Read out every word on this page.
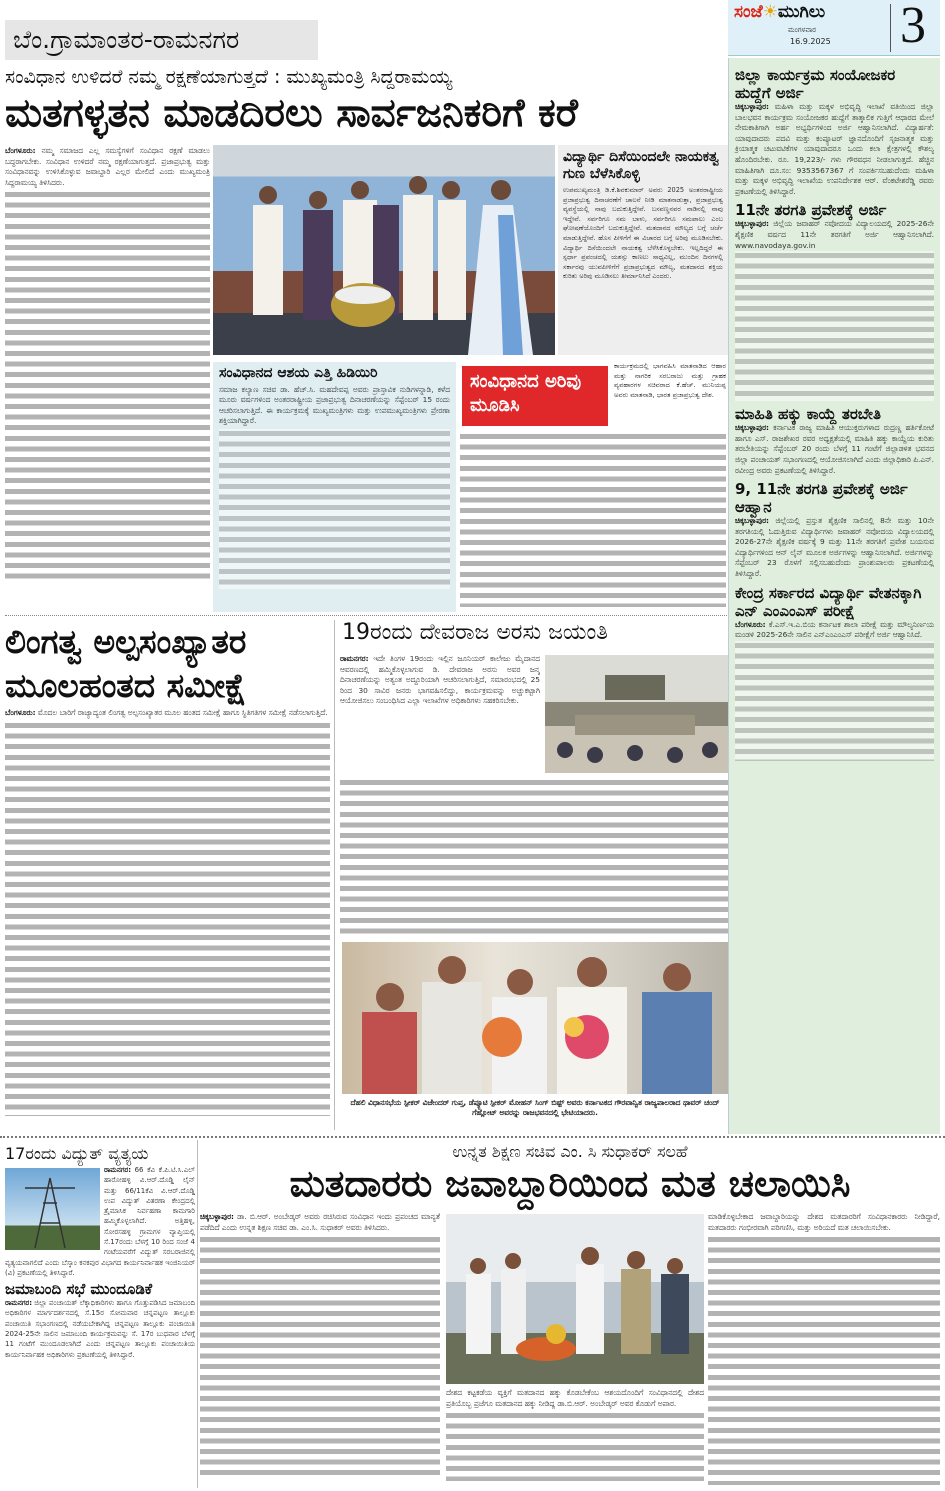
ಬೆಂ.ಗ್ರಾಮಾಂತರ-ರಾಮನಗರ
ಸಂಜೆ☀ಮುಗಿಲು
ಮಂಗಳವಾರ
16.9.2025 3
ಸಂವಿಧಾನ ಉಳಿದರೆ ನಮ್ಮ ರಕ್ಷಣೆಯಾಗುತ್ತದೆ : ಮುಖ್ಯಮಂತ್ರಿ ಸಿದ್ದರಾಮಯ್ಯ
ಮತಗಳ್ಳತನ ಮಾಡದಿರಲು ಸಾರ್ವಜನಿಕರಿಗೆ ಕರೆ
ಬೆಂಗಳೂರು: ನಮ್ಮ ಸಮಾಜದ ಎಲ್ಲ ಸಮಸ್ಯೆಗಳಿಗೆ ಸಂವಿಧಾನ ರಕ್ಷಣೆ ಮಾಡಲು ಬದ್ಧರಾಗಬೇಕು. ಸಂವಿಧಾನ ಉಳಿದರೆ ನಮ್ಮ ರಕ್ಷಣೆಯಾಗುತ್ತದೆ. ಪ್ರಜಾಪ್ರಭುತ್ವ ಮತ್ತು ಸಂವಿಧಾನವನ್ನು ಉಳಿಸಿಕೊಳ್ಳುವ ಜವಾಬ್ದಾರಿ ಎಲ್ಲರ ಮೇಲಿದೆ ಎಂದು ಮುಖ್ಯಮಂತ್ರಿ ಸಿದ್ದರಾಮಯ್ಯ ತಿಳಿಸಿದರು.
ವಿದ್ಯಾರ್ಥಿ ದಿಸೆಯಿಂದಲೇ ನಾಯಕತ್ವ ಗುಣ ಬೆಳೆಸಿಕೊಳ್ಳಿ
ಉಪಮುಖ್ಯಮಂತ್ರಿ ಡಿ.ಕೆ.ಶಿವಕುಮಾರ್ ಅವರು 2025 ಅಂತರರಾಷ್ಟ್ರೀಯ ಪ್ರಜಾಪ್ರಭುತ್ವ ದಿನಾಚರಣೆಗೆ ಚಾಲನೆ ನೀಡಿ ಮಾತನಾಡುತ್ತಾ, ಪ್ರಜಾಪ್ರಭುತ್ವ ವ್ಯವಸ್ಥೆಯಲ್ಲಿ ನಾವು ಬದುಕುತ್ತಿದ್ದೇವೆ. ಬಸವಣ್ಣನವರ ನಾಡಿನಲ್ಲಿ ನಾವು ಇದ್ದೇವೆ. ಸರ್ವರಿಗೂ ಸಮ ಬಾಳು, ಸರ್ವರಿಗೂ ಸಮಪಾಲು ಎಂಬ ಘೋಷಣೆಯೊಂದಿಗೆ ಬದುಕುತ್ತಿದ್ದೇವೆ. ಮತದಾನದ ಮೌಲ್ಯದ ಬಗ್ಗೆ ಚರ್ಚೆ ಮಾಡುತ್ತಿದ್ದೇವೆ. ಹೊಸ ಪೀಳಿಗೆಗೆ ಈ ವಿಚಾರದ ಬಗ್ಗೆ ಅರಿವು ಮೂಡಿಸಬೇಕು. ವಿದ್ಯಾರ್ಥಿ ದಿಸೆಯಿಂದಲೇ ನಾಯಕತ್ವ ಬೆಳೆಸಿಕೊಳ್ಳಬೇಕು. ಇಲ್ಲದಿದ್ದರೆ ಈ ಸ್ಪರ್ಧಾ ಪ್ರಪಂಚದಲ್ಲಿ ಯಶಸ್ಸು ಕಾಣಲು ಸಾಧ್ಯವಿಲ್ಲ, ಮುಂದಿನ ದಿನಗಳಲ್ಲಿ ಸರ್ಕಾರವು ಯುವಪೀಳಿಗೆಗೆ ಪ್ರಜಾಪ್ರಭುತ್ವದ ಮೌಲ್ಯ, ಮತದಾನದ ಶಕ್ತಿಯ ಕುರಿತು ಅರಿವು ಮೂಡಿಸಲು ತೀರ್ಮಾನಿಸಿದೆ ಎಂದರು.
ಸಂವಿಧಾನದ ಆಶಯ ಎತ್ತಿ ಹಿಡಿಯಿರಿ
ಸಮಾಜ ಕಲ್ಯಾಣ ಸಚಿವ ಡಾ. ಹೆಚ್.ಸಿ. ಮಹದೇವಪ್ಪ ಅವರು ಪ್ರಾಸ್ತಾವಿಕ ನುಡಿಗಳನ್ನಾಡಿ, ಕಳೆದ ಮೂರು ವರ್ಷಗಳಿಂದ ಅಂತರರಾಷ್ಟ್ರೀಯ ಪ್ರಜಾಪ್ರಭುತ್ವ ದಿನಾಚರಣೆಯನ್ನು ಸೆಪ್ಟೆಂಬರ್ 15 ರಂದು ಆಚರಿಸಲಾಗುತ್ತಿದೆ. ಈ ಕಾರ್ಯಕ್ರಮಕ್ಕೆ ಮುಖ್ಯಮಂತ್ರಿಗಳು ಮತ್ತು ಉಪಮುಖ್ಯಮಂತ್ರಿಗಳು ಪ್ರೇರಣಾ ಶಕ್ತಿಯಾಗಿದ್ದಾರೆ.
ಸಂವಿಧಾನದ ಅರಿವು ಮೂಡಿಸಿ
ಕಾರ್ಯಕ್ರಮದಲ್ಲಿ ಭಾಗವಹಿಸಿ ಮಾತನಾಡಿದ ಆಹಾರ ಮತ್ತು ನಾಗರಿಕ ಸರಬರಾಜು ಮತ್ತು ಗ್ರಾಹಕ ವ್ಯವಹಾರಗಳ ಸಚಿವರಾದ ಕೆ.ಹೆಚ್. ಮುನಿಯಪ್ಪ ಅವರು ಮಾತನಾಡಿ, ಭಾರತ ಪ್ರಜಾಪ್ರಭುತ್ವ ದೇಶ.
ಜಿಲ್ಲಾ ಕಾರ್ಯಕ್ರಮ ಸಂಯೋಜಕರ ಹುದ್ದೆಗೆ ಅರ್ಜಿ
ಚಿಕ್ಕಬಳ್ಳಾಪುರ: ಮಹಿಳಾ ಮತ್ತು ಮಕ್ಕಳ ಅಭಿವೃದ್ಧಿ ಇಲಾಖೆ ವತಿಯಿಂದ ಜಿಲ್ಲಾ ಬಾಲಭವನ ಕಾರ್ಯಕ್ರಮ ಸಂಯೋಜಕರ ಹುದ್ದೆಗೆ ತಾತ್ಕಾಲಿಕ ಗುತ್ತಿಗೆ ಆಧಾರದ ಮೇಲೆ ನೇಮಕಾತಿಗಾಗಿ ಅರ್ಹ ಅಭ್ಯರ್ಥಿಗಳಿಂದ ಅರ್ಜಿ ಆಹ್ವಾನಿಸಲಾಗಿದೆ. ವಿದ್ಯಾರ್ಹತೆ: ಯಾವುದಾದರು ಪದವಿ ಮತ್ತು ಕಂಪ್ಯೂಟರ್ ಜ್ಞಾನದೊಂದಿಗೆ ಸೃಜನಾತ್ಮಕ ಮತ್ತು ಕ್ರಿಯಾತ್ಮಕ ಚಟುವಟಿಕೆಗಳ ಯಾವುದಾದರೂ ಒಂದು ಕಲಾ ಕ್ಷೇತ್ರಗಳಲ್ಲಿ ಕೌಶಲ್ಯ ಹೊಂದಿರಬೇಕು. ರೂ. 19,223/- ಗಳು ಗೌರವಧನ ನೀಡಲಾಗುತ್ತದೆ. ಹೆಚ್ಚಿನ ಮಾಹಿತಿಗಾಗಿ ದೂ.ಸಂ: 9353567367 ಗೆ ಸಂಪರ್ಕಿಸಬಹುದೆಂದು ಮಹಿಳಾ ಮತ್ತು ಮಕ್ಕಳ ಅಭಿವೃದ್ಧಿ ಇಲಾಖೆಯ ಉಪನಿರ್ದೇಶಕ ಆರ್. ವೆಂಕಟೇಶರೆಡ್ಡಿ ರವರು ಪ್ರಕಟಣೆಯಲ್ಲಿ ತಿಳಿಸಿದ್ದಾರೆ.
11ನೇ ತರಗತಿ ಪ್ರವೇಶಕ್ಕೆ ಅರ್ಜಿ
ಚಿಕ್ಕಬಳ್ಳಾಪುರ: ಜಿಲ್ಲೆಯ ಜವಾಹರ್ ನವೋದಯ ವಿದ್ಯಾಲಯದಲ್ಲಿ 2025-26ನೇ ಶೈಕ್ಷಣಿಕ ವರ್ಷದ 11ನೇ ತರಗತಿಗೆ ಅರ್ಜಿ ಆಹ್ವಾನಿಸಲಾಗಿದೆ. www.navodaya.gov.in
ಮಾಹಿತಿ ಹಕ್ಕು ಕಾಯ್ದೆ ತರಬೇತಿ
ಚಿಕ್ಕಬಳ್ಳಾಪುರ: ಕರ್ನಾಟಕ ರಾಜ್ಯ ಮಾಹಿತಿ ಆಯುಕ್ತರುಗಳಾದ ರುದ್ರಣ್ಣ ಹರ್ತಿಕೋಟೆ ಹಾಗೂ ಎಸ್. ರಾಜಶೇಖರ ರವರ ಅಧ್ಯಕ್ಷತೆಯಲ್ಲಿ ಮಾಹಿತಿ ಹಕ್ಕು ಕಾಯ್ದೆಯ ಕುರಿತು ತರಬೇತಿಯನ್ನು ಸೆಪ್ಟೆಂಬರ್ 20 ರಂದು ಬೆಳಗ್ಗೆ 11 ಗಂಟೆಗೆ ಜಿಲ್ಲಾಡಳಿತ ಭವನದ ಜಿಲ್ಲಾ ಪಂಚಾಯತ್ ಸಭಾಂಗಣದಲ್ಲಿ ಆಯೋಜಿಸಲಾಗಿದೆ ಎಂದು ಜಿಲ್ಲಾಧಿಕಾರಿ ಪಿ.ಎನ್. ರವೀಂದ್ರ ಅವರು ಪ್ರಕಟಣೆಯಲ್ಲಿ ತಿಳಿಸಿದ್ದಾರೆ.
9, 11ನೇ ತರಗತಿ ಪ್ರವೇಶಕ್ಕೆ ಅರ್ಜಿ ಆಹ್ವಾನ
ಚಿಕ್ಕಬಳ್ಳಾಪುರ: ಜಿಲ್ಲೆಯಲ್ಲಿ ಪ್ರಸ್ತುತ ಶೈಕ್ಷಣಿಕ ಸಾಲಿನಲ್ಲಿ 8ನೇ ಮತ್ತು 10ನೇ ತರಗತಿಯಲ್ಲಿ ಓದುತ್ತಿರುವ ವಿದ್ಯಾರ್ಥಿಗಳು ಜವಾಹರ್ ನವೋದಯ ವಿದ್ಯಾಲಯದಲ್ಲಿ 2026-27ನೇ ಶೈಕ್ಷಣಿಕ ವರ್ಷಕ್ಕೆ 9 ಮತ್ತು 11ನೇ ತರಗತಿಗೆ ಪ್ರವೇಶ ಬಯಸುವ ವಿದ್ಯಾರ್ಥಿಗಳಿಂದ ಆನ್ ಲೈನ್ ಮೂಲಕ ಅರ್ಜಿಗಳನ್ನು ಆಹ್ವಾನಿಸಲಾಗಿದೆ. ಅರ್ಜಿಗಳನ್ನು ಸೆಪ್ಟೆಂಬರ್ 23 ರೊಳಗೆ ಸಲ್ಲಿಸಬಹುದೆಂದು ಪ್ರಾಂಶುಪಾಲರು ಪ್ರಕಟಣೆಯಲ್ಲಿ ತಿಳಿಸಿದ್ದಾರೆ.
ಕೇಂದ್ರ ಸರ್ಕಾರದ ವಿದ್ಯಾರ್ಥಿ ವೇತನಕ್ಕಾಗಿ ಎನ್ ಎಂಎಂಎಸ್ ಪರೀಕ್ಷೆ
ಬೆಂಗಳೂರು: ಕೆ.ಎಸ್.ಇ.ಎ.ಬಿಯ ಕರ್ನಾಟಕ ಶಾಲಾ ಪರೀಕ್ಷೆ ಮತ್ತು ಮೌಲ್ಯನಿರ್ಣಯ ಮಂಡಳಿ 2025-26ನೇ ಸಾಲಿನ ಎನ್ಎಂಎಂಎಸ್ ಪರೀಕ್ಷೆಗೆ ಅರ್ಜಿ ಆಹ್ವಾನಿಸಿದೆ.
ಲಿಂಗತ್ವ ಅಲ್ಪಸಂಖ್ಯಾತರ ಮೂಲಹಂತದ ಸಮೀಕ್ಷೆ
ಬೆಂಗಳೂರು: ಮೊದಲ ಬಾರಿಗೆ ರಾಜ್ಯಾದ್ಯಂತ ಲಿಂಗತ್ವ ಅಲ್ಪಸಂಖ್ಯಾತರ ಮೂಲ ಹಂತದ ಸಮೀಕ್ಷೆ ಹಾಗೂ ಸ್ಥಿತಿಗತಿಗಳ ಸಮೀಕ್ಷೆ ನಡೆಸಲಾಗುತ್ತಿದೆ.
19ರಂದು ದೇವರಾಜ ಅರಸು ಜಯಂತಿ
ರಾಮನಗರ: ಇದೇ ತಿಂಗಳ 19ರಂದು ಇಲ್ಲಿನ ಜೂನಿಯರ್ ಕಾಲೇಜು ಮೈದಾನದ ಆವರಣದಲ್ಲಿ ಹಮ್ಮಿಕೊಳ್ಳಲಾಗುವ ಡಿ. ದೇವರಾಜ ಅರಸು ಅವರ ಜನ್ಮ ದಿನಾಚರಣೆಯನ್ನು ಅತ್ಯಂತ ಅದ್ದೂರಿಯಾಗಿ ಆಚರಿಸಲಾಗುತ್ತಿದೆ, ಸಮಾರಂಭದಲ್ಲಿ 25 ರಿಂದ 30 ಸಾವಿರ ಜನರು ಭಾಗವಹಿಸಲಿದ್ದು, ಕಾರ್ಯಕ್ರಮವನ್ನು ಅಚ್ಚುಕಟ್ಟಾಗಿ ಆಯೋಜಿಸಲು ಸಂಬಂಧಿಸಿದ ಎಲ್ಲಾ ಇಲಾಖೆಗಳ ಅಧಿಕಾರಿಗಳು ಸಹಕರಿಸಬೇಕು.
ದೆಹಲಿ ವಿಧಾನಸಭೆಯ ಸ್ಪೀಕರ್ ವಿಜೇಂದರ್ ಗುಪ್ತ, ಡೆಪ್ಯೂಟಿ ಸ್ಪೀಕರ್ ಮೋಹನ್ ಸಿಂಗ್ ಬಿಷ್ಟ್ ಅವರು ಕರ್ನಾಟಕದ ಗೌರವಾನ್ವಿತ ರಾಜ್ಯಪಾಲರಾದ ಥಾವರ್ ಚಂದ್ ಗೆಹ್ಲೋಟ್ ಅವರನ್ನು ರಾಜಭವನದಲ್ಲಿ ಭೇಟಿಯಾದರು.
17ರಂದು ವಿದ್ಯುತ್ ವ್ಯತ್ಯಯ
ರಾಮನಗರ: 66 ಕೆವಿ ಕೆ.ಪಿ.ಟಿ.ಸಿ.ಎಲ್ ಹಾರೋಹಳ್ಳಿ ವಿ.ಆರ್.ದೊಡ್ಡಿ ಲೈನ್ ಮತ್ತು 66/11ಕೆವಿ ವಿ.ಆರ್.ದೊಡ್ಡಿ ಉಪ ವಿದ್ಯುತ್ ವಿತರಣಾ ಕೇಂದ್ರದಲ್ಲಿ ತ್ರೈಮಾಸಿಕ ನಿರ್ವಹಣಾ ಕಾಮಗಾರಿ ಹಮ್ಮಿಕೊಳ್ಳಲಾಗಿದೆ. ಅತ್ತಿಹಳ್ಳಿ, ಸೋರಸಹಳ್ಳಿ ಗ್ರಾಮಗಳ ವ್ಯಾಪ್ತಿಯಲ್ಲಿ ಸೆ.17ರಂದು ಬೆಳಗ್ಗೆ 10 ರಿಂದ ಸಂಜೆ 4 ಗಂಟೆಯವರೆಗೆ ವಿದ್ಯುತ್ ಸರಬರಾಜಿನಲ್ಲಿ ವ್ಯತ್ಯಯವಾಗಲಿದೆ ಎಂದು ಬೆಸ್ಕಾಂ ಕನಕಪುರ ವಿಭಾಗದ ಕಾರ್ಯನಿರ್ವಾಹಕ ಇಂಜಿನಿಯರ್ (ವಿ) ಪ್ರಕಟಣೆಯಲ್ಲಿ ತಿಳಿಸಿದ್ದಾರೆ.
ಜಮಾಬಂದಿ ಸಭೆ ಮುಂದೂಡಿಕೆ
ರಾಮನಗರ: ಜಿಲ್ಲಾ ಪಂಚಾಯತ್ ಲೆಕ್ಕಾಧಿಕಾರಿಗಳು ಹಾಗೂ ಗೊತ್ತುಪಡಿಸಿದ ಜಮಾಬಂದಿ ಅಧಿಕಾರಿಗಳ ಮಾರ್ಗದರ್ಶನದಲ್ಲಿ ಸೆ.15ರ ಸೋಮವಾರ ಚನ್ನಪಟ್ಟಣ ತಾಲ್ಲೂಕು ಪಂಚಾಯಿತಿ ಸಭಾಂಗಣದಲ್ಲಿ ನಡೆಯಬೇಕಾಗಿದ್ದ ಚನ್ನಪಟ್ಟಣ ತಾಲ್ಲೂಕು ಪಂಚಾಯಿತಿ 2024-25ನೇ ಸಾಲಿನ ಜಮಾಬಂದಿ ಕಾರ್ಯಕ್ರಮವನ್ನು ಸೆ. 17ರ ಬುಧವಾರ ಬೆಳಗ್ಗೆ 11 ಗಂಟೆಗೆ ಮುಂದೂಡಲಾಗಿದೆ ಎಂದು ಚನ್ನಪಟ್ಟಣ ತಾಲ್ಲೂಕು ಪಂಚಾಯಿತಿಯ ಕಾರ್ಯನಿರ್ವಾಹಕ ಅಧಿಕಾರಿಗಳು ಪ್ರಕಟಣೆಯಲ್ಲಿ ತಿಳಿಸಿದ್ದಾರೆ.
ಉನ್ನತ ಶಿಕ್ಷಣ ಸಚಿವ ಎಂ. ಸಿ ಸುಧಾಕರ್ ಸಲಹೆ
ಮತದಾರರು ಜವಾಬ್ದಾರಿಯಿಂದ ಮತ ಚಲಾಯಿಸಿ
ಚಿಕ್ಕಬಳ್ಳಾಪುರ: ಡಾ. ಬಿ.ಆರ್. ಅಂಬೇಡ್ಕರ್ ಅವರು ರಚಿಸಿರುವ ಸಂವಿಧಾನ ಇಂದು ಪ್ರಪಂಚದ ಮಾನ್ಯತೆ ಪಡೆದಿದೆ ಎಂದು ಉನ್ನತ ಶಿಕ್ಷಣ ಸಚಿವ ಡಾ. ಎಂ.ಸಿ. ಸುಧಾಕರ್ ಅವರು ತಿಳಿಸಿದರು.
ದೇಶದ ಕಟ್ಟಕಡೆಯ ವ್ಯಕ್ತಿಗೆ ಮತದಾನದ ಹಕ್ಕು ಕೊಡಬೇಕೆಂಬ ಆಶಯದೊಂದಿಗೆ ಸಂವಿಧಾನದಲ್ಲಿ ದೇಶದ ಪ್ರತಿಯೊಬ್ಬ ಪ್ರಜೆಗೂ ಮತದಾನದ ಹಕ್ಕು ನೀಡಿದ್ದ ಡಾ.ಬಿ.ಆರ್. ಅಂಬೇಡ್ಕರ್ ಅವರ ಕೊಡುಗೆ ಅಪಾರ.
ಮಾಡಿಕೊಳ್ಳಬೇಕಾದ ಜವಾಬ್ದಾರಿಯನ್ನು ದೇಶದ ಮತದಾರರಿಗೆ ಸಂವಿಧಾನಕಾರರು ನೀಡಿದ್ದಾರೆ, ಮತದಾರರು ಗಂಭೀರವಾಗಿ ಪರಿಗಣಿಸಿ, ಮತ್ತು ಅರಿಯದೆ ಮತ ಚಲಾಯಿಸಬೇಕು.
